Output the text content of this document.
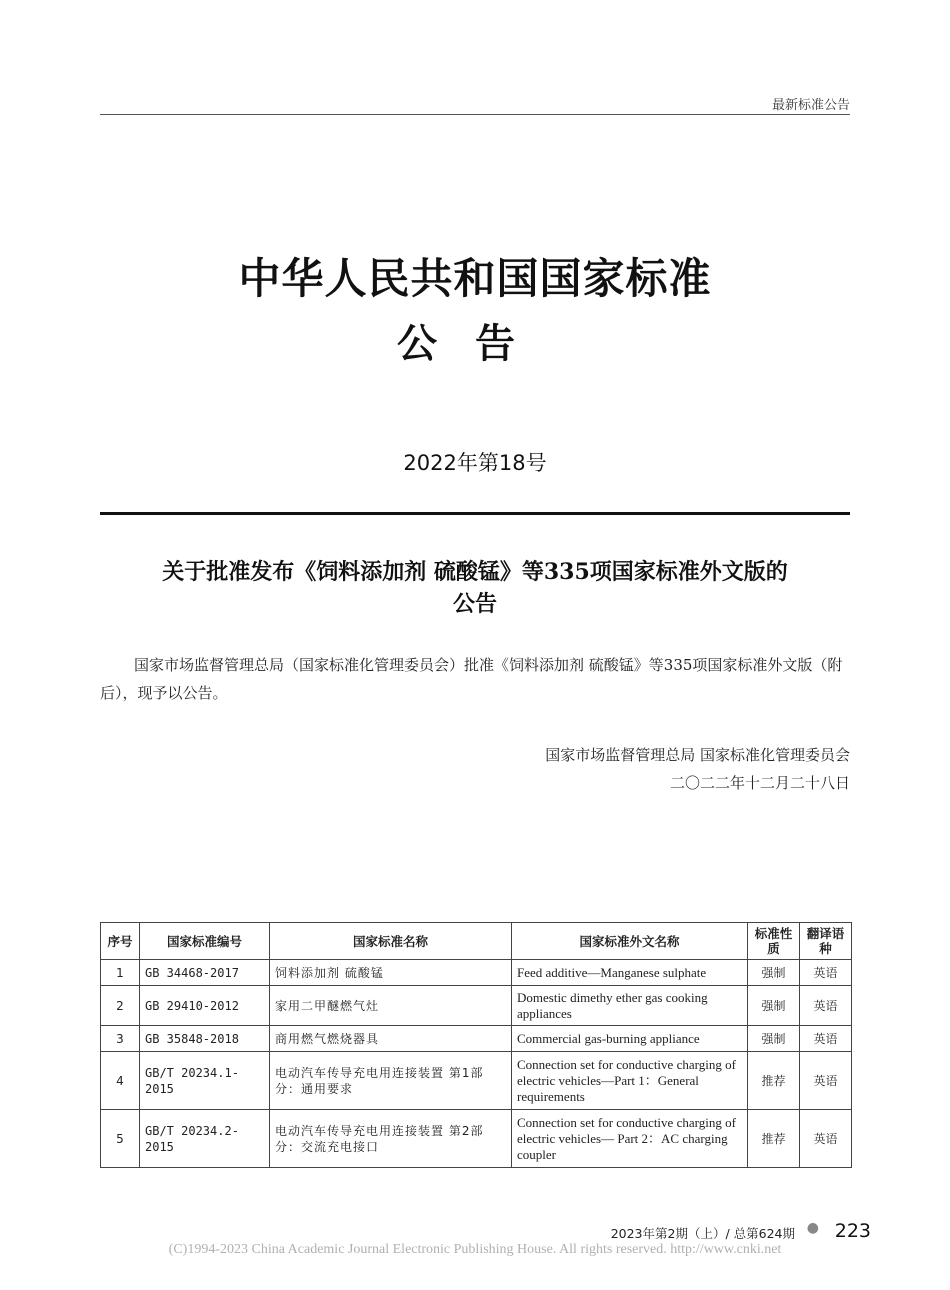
最新标准公告
中华人民共和国国家标准
公告
2022年第18号
关于批准发布《饲料添加剂 硫酸锰》等335项国家标准外文版的
公告
国家市场监督管理总局（国家标准化管理委员会）批准《饲料添加剂 硫酸锰》等335项国家标准外文版（附后），现予以公告。
国家市场监督管理总局 国家标准化管理委员会
二〇二二年十二月二十八日
序号	国家标准编号	国家标准名称	国家标准外文名称	标准性质	翻译语种
1	GB 34468-2017	饲料添加剂 硫酸锰	Feed additive—Manganese sulphate	强制	英语
2	GB 29410-2012	家用二甲醚燃气灶	Domestic dimethy ether gas cooking appliances	强制	英语
3	GB 35848-2018	商用燃气燃烧器具	Commercial gas-burning appliance	强制	英语
4	GB/T 20234.1-2015	电动汽车传导充电用连接装置 第1部分：通用要求	Connection set for conductive charging of electric vehicles—Part 1：General requirements	推荐	英语
5	GB/T 20234.2-2015	电动汽车传导充电用连接装置 第2部分：交流充电接口	Connection set for conductive charging of electric vehicles— Part 2：AC charging coupler	推荐	英语
2023年第2期（上）/ 总第624期 ● 223
(C)1994-2023 China Academic Journal Electronic Publishing House. All rights reserved. http://www.cnki.net
